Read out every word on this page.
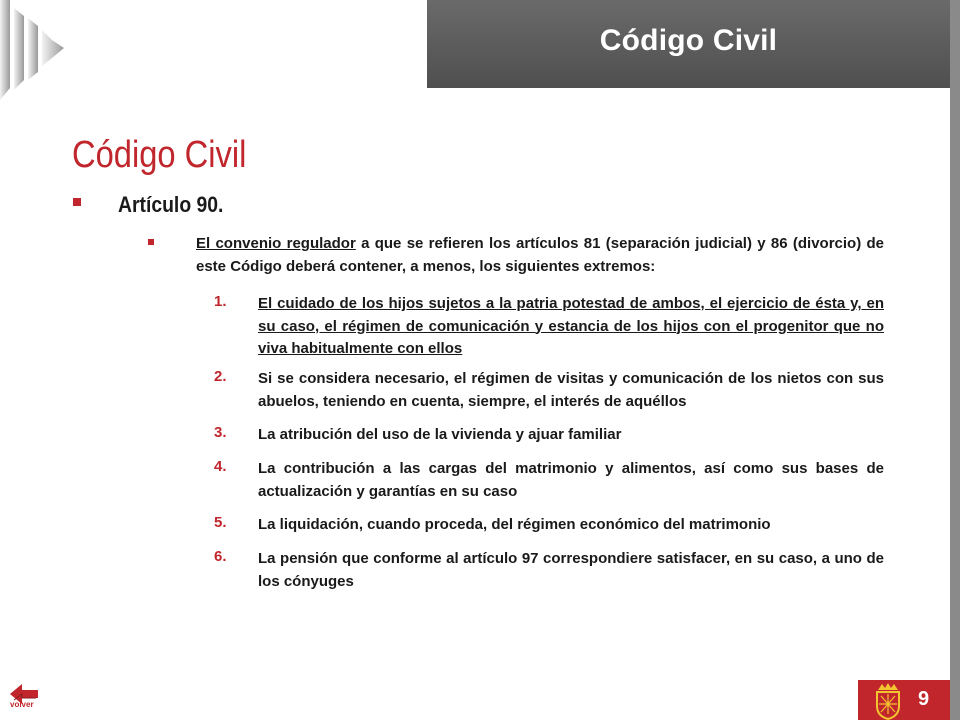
Código Civil
Código Civil
Artículo 90.
El convenio regulador a que se refieren los artículos 81 (separación judicial) y 86 (divorcio) de este Código deberá contener, a menos, los siguientes extremos:
1. El cuidado de los hijos sujetos a la patria potestad de ambos, el ejercicio de ésta y, en su caso, el régimen de comunicación y estancia de los hijos con el progenitor que no viva habitualmente con ellos
2. Si se considera necesario, el régimen de visitas y comunicación de los nietos con sus abuelos, teniendo en cuenta, siempre, el interés de aquéllos
3. La atribución del uso de la vivienda y ajuar familiar
4. La contribución a las cargas del matrimonio y alimentos, así como sus bases de actualización y garantías en su caso
5. La liquidación, cuando proceda, del régimen económico del matrimonio
6. La pensión que conforme al artículo 97 correspondiere satisfacer, en su caso, a uno de los cónyuges
volver	9
